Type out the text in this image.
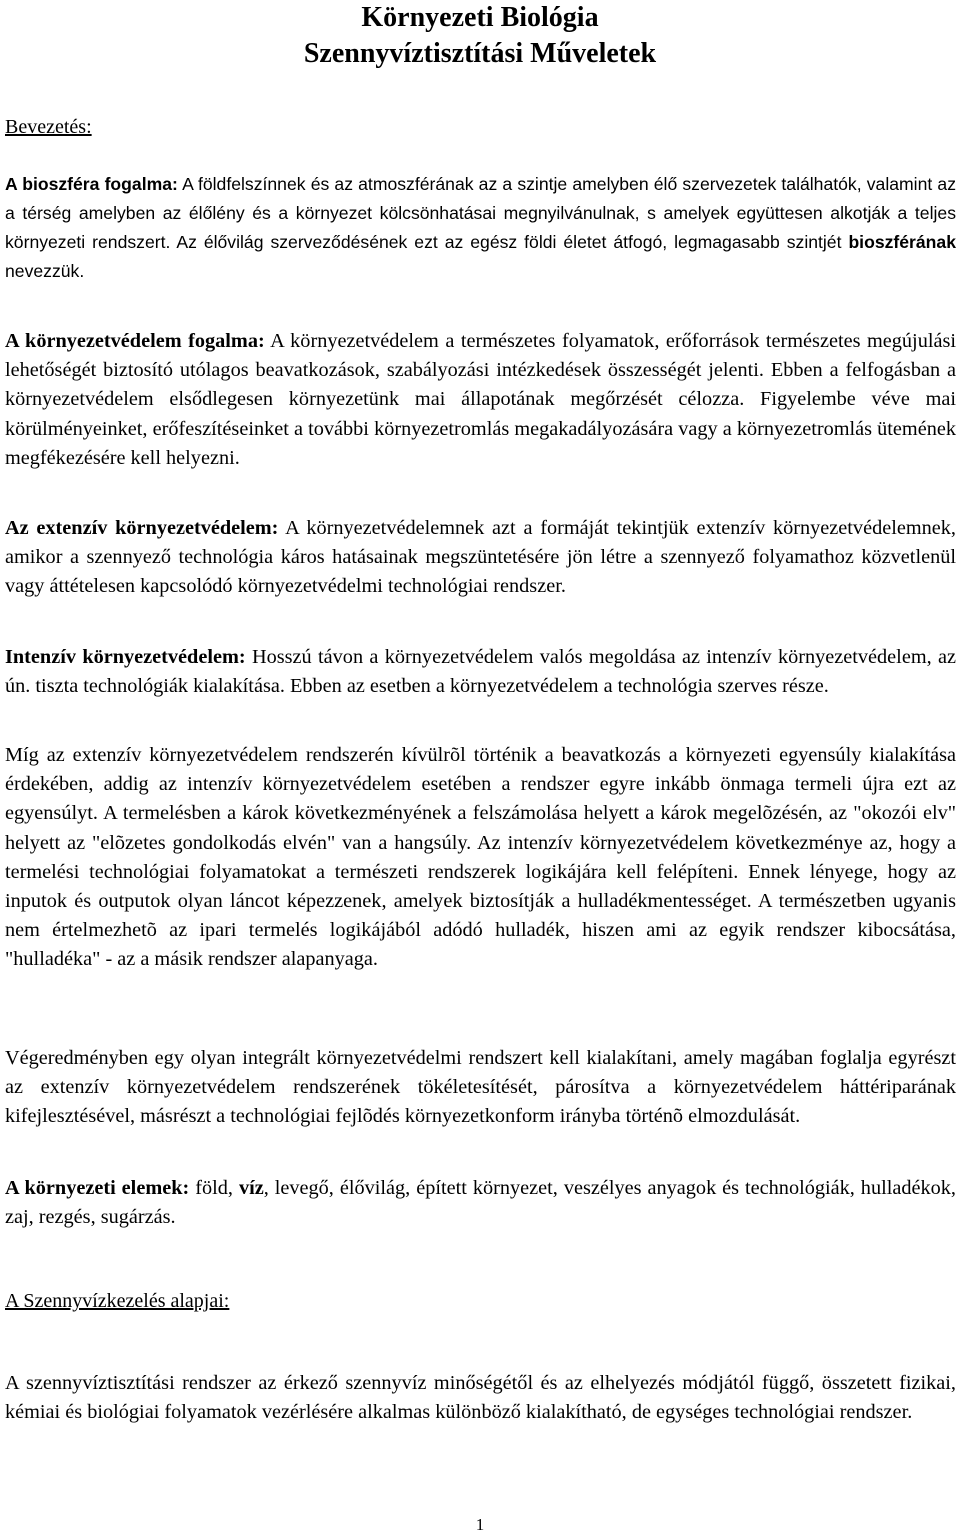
Környezeti Biológia
Szennyvíztisztítási Műveletek
Bevezetés:

A bioszféra fogalma: A földfelszínnek és az atmoszférának az a szintje amelyben élő szervezetek találhatók, valamint az a térség amelyben az élőlény és a környezet kölcsönhatásai megnyilvánulnak, s amelyek együttesen alkotják a teljes környezeti rendszert. Az élővilág szerveződésének ezt az egész földi életet átfogó, legmagasabb szintjét bioszférának nevezzük.

A környezetvédelem fogalma: A környezetvédelem a természetes folyamatok, erőforrások természetes megújulási lehetőségét biztosító utólagos beavatkozások, szabályozási intézkedések összességét jelenti. Ebben a felfogásban a környezetvédelem elsődlegesen környezetünk mai állapotának megőrzését célozza. Figyelembe véve mai körülményeinket, erőfeszítéseinket a további környezetromlás megakadályozására vagy a környezetromlás ütemének megfékezésére kell helyezni.

Az extenzív környezetvédelem: A környezetvédelemnek azt a formáját tekintjük extenzív környezetvédelemnek, amikor a szennyező technológia káros hatásainak megszüntetésére jön létre a szennyező folyamathoz közvetlenül vagy áttételesen kapcsolódó környezetvédelmi technológiai rendszer.

Intenzív környezetvédelem: Hosszú távon a környezetvédelem valós megoldása az intenzív környezetvédelem, az ún. tiszta technológiák kialakítása. Ebben az esetben a környezetvédelem a technológia szerves része.

Míg az extenzív környezetvédelem rendszerén kívülrõl történik a beavatkozás a környezeti egyensúly kialakítása érdekében, addig az intenzív környezetvédelem esetében a rendszer egyre inkább önmaga termeli újra ezt az egyensúlyt. A termelésben a károk következményének a felszámolása helyett a károk megelõzésén, az "okozói elv" helyett az "elõzetes gondolkodás elvén" van a hangsúly. Az intenzív környezetvédelem következménye az, hogy a termelési technológiai folyamatokat a természeti rendszerek logikájára kell felépíteni. Ennek lényege, hogy az inputok és outputok olyan láncot képezzenek, amelyek biztosítják a hulladékmentességet. A természetben ugyanis nem értelmezhetõ az ipari termelés logikájából adódó hulladék, hiszen ami az egyik rendszer kibocsátása, "hulladéka" - az a másik rendszer alapanyaga.

Végeredményben egy olyan integrált környezetvédelmi rendszert kell kialakítani, amely magában foglalja egyrészt az extenzív környezetvédelem rendszerének tökéletesítését, párosítva a környezetvédelem háttériparának kifejlesztésével, másrészt a technológiai fejlõdés környezetkonform irányba történõ elmozdulását.

A környezeti elemek: föld, víz, levegő, élővilág, épített környezet, veszélyes anyagok és technológiák, hulladékok, zaj, rezgés, sugárzás.

A Szennyvízkezelés alapjai:

A szennyvíztisztítási rendszer az érkező szennyvíz minőségétől és az elhelyezés módjától függő, összetett fizikai, kémiai és biológiai folyamatok vezérlésére alkalmas különböző kialakítható, de egységes technológiai rendszer.

1
